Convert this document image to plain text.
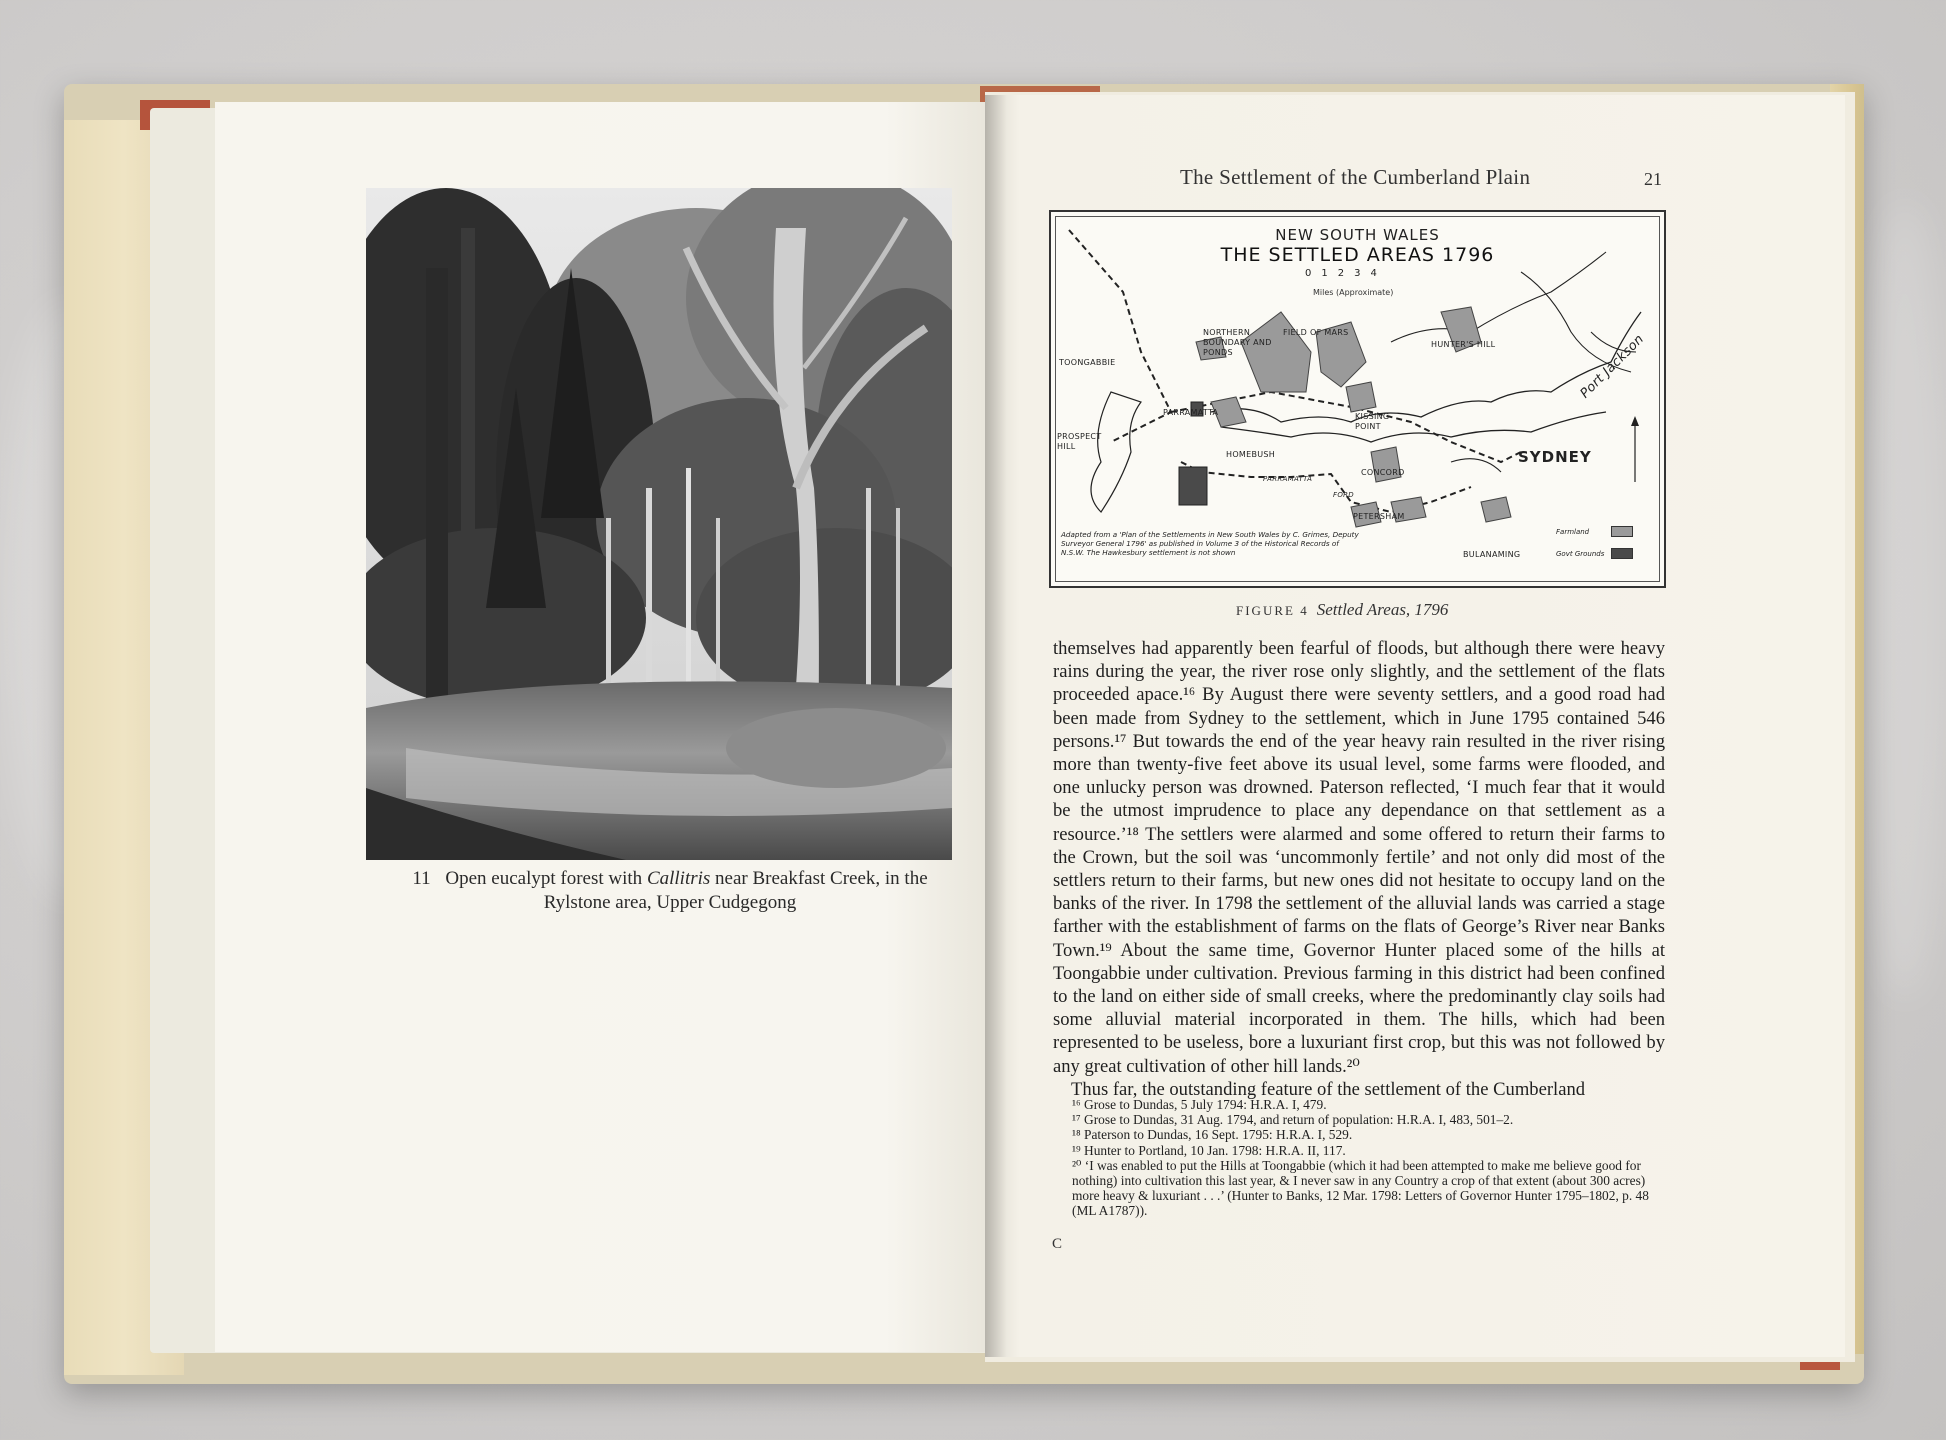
11 Open eucalypt forest with Callitris near Breakfast Creek, in the Rylstone area, Upper Cudgegong
The Settlement of the Cumberland Plain	21
NEW SOUTH WALES
THE SETTLED AREAS 1796
01234
Miles (Approximate)
NORTHERN BOUNDARY AND PONDS
FIELD OF MARS
HUNTER'S HILL
TOONGABBIE
PARRAMATTA
PROSPECT HILL
HOMEBUSH
KISSING POINT
CONCORD
SYDNEY
Port Jackson
PETERSHAM
BULANAMING
FORD
PARRAMATTA
Adapted from a 'Plan of the Settlements in New South Wales by C. Grimes, Deputy Surveyor General 1796' as published in Volume 3 of the Historical Records of N.S.W. The Hawkesbury settlement is not shown
Farmland
Govt Grounds
FIGURE 4 Settled Areas, 1796

themselves had apparently been fearful of floods, but although there were heavy rains during the year, the river rose only slightly, and the settlement of the flats proceeded apace.¹⁶ By August there were seventy settlers, and a good road had been made from Sydney to the settlement, which in June 1795 contained 546 persons.¹⁷ But towards the end of the year heavy rain resulted in the river rising more than twenty-five feet above its usual level, some farms were flooded, and one unlucky person was drowned. Paterson reflected, ‘I much fear that it would be the utmost imprudence to place any dependance on that settlement as a resource.’¹⁸ The settlers were alarmed and some offered to return their farms to the Crown, but the soil was ‘uncommonly fertile’ and not only did most of the settlers return to their farms, but new ones did not hesitate to occupy land on the banks of the river. In 1798 the settlement of the alluvial lands was carried a stage farther with the establishment of farms on the flats of George’s River near Banks Town.¹⁹ About the same time, Governor Hunter placed some of the hills at Toongabbie under cultivation. Previous farming in this district had been confined to the land on either side of small creeks, where the predominantly clay soils had some alluvial material incorporated in them. The hills, which had been represented to be useless, bore a luxuriant first crop, but this was not followed by any great cultivation of other hill lands.²⁰

Thus far, the outstanding feature of the settlement of the Cumberland

¹⁶ Grose to Dundas, 5 July 1794: H.R.A. I, 479.
¹⁷ Grose to Dundas, 31 Aug. 1794, and return of population: H.R.A. I, 483, 501–2.
¹⁸ Paterson to Dundas, 16 Sept. 1795: H.R.A. I, 529.
¹⁹ Hunter to Portland, 10 Jan. 1798: H.R.A. II, 117.
²⁰ ‘I was enabled to put the Hills at Toongabbie (which it had been attempted to make me believe good for nothing) into cultivation this last year, & I never saw in any Country a crop of that extent (about 300 acres) more heavy & luxuriant . . .’ (Hunter to Banks, 12 Mar. 1798: Letters of Governor Hunter 1795–1802, p. 48 (ML A1787)).
C
